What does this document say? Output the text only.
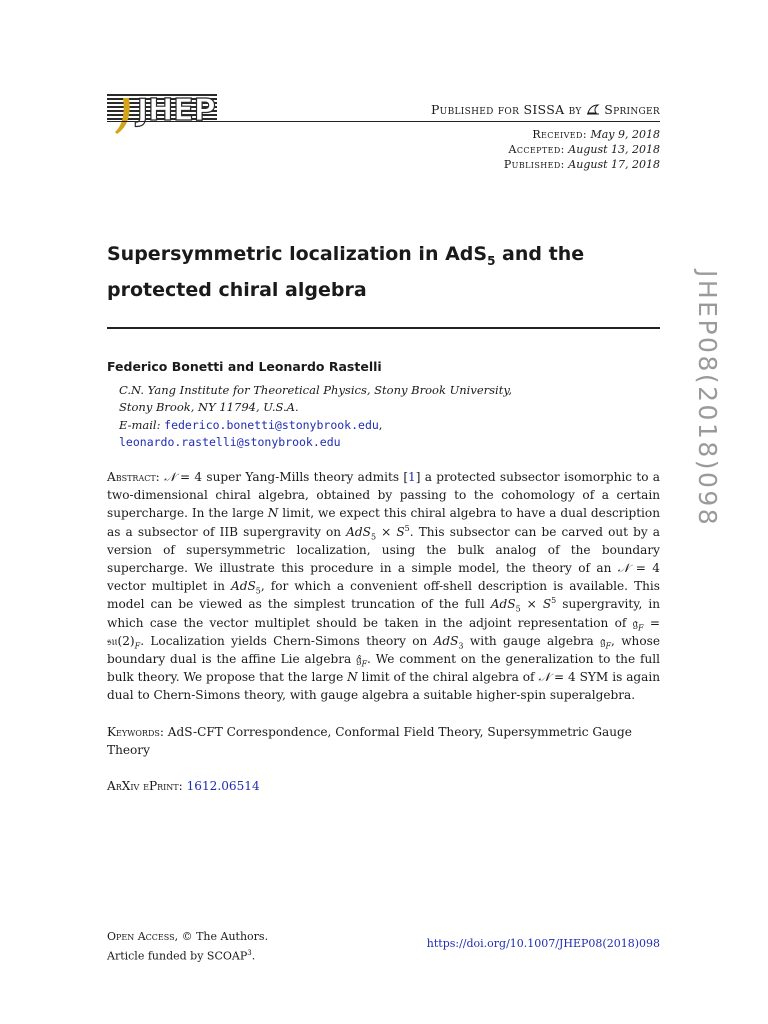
JHEP	Published for SISSA by Springer
Received: May 9, 2018
Accepted: August 13, 2018
Published: August 17, 2018
JHEP08(2018)098
Supersymmetric localization in AdS$_5$ and the
protected chiral algebra
Federico Bonetti and Leonardo Rastelli
C.N. Yang Institute for Theoretical Physics, Stony Brook University,
Stony Brook, NY 11794, U.S.A.
E-mail: federico.bonetti@stonybrook.edu,
leonardo.rastelli@stonybrook.edu
Abstract: 𝒩 = 4 super Yang-Mills theory admits [1] a protected subsector isomorphic to a two-dimensional chiral algebra, obtained by passing to the cohomology of a certain supercharge. In the large N limit, we expect this chiral algebra to have a dual description as a subsector of IIB supergravity on $AdS_5 \times S^5$. This subsector can be carved out by a version of supersymmetric localization, using the bulk analog of the boundary supercharge. We illustrate this procedure in a simple model, the theory of an 𝒩 = 4 vector multiplet in AdS$_5$, for which a convenient off-shell description is available. This model can be viewed as the simplest truncation of the full $AdS_5 \times S^5$ supergravity, in which case the vector multiplet should be taken in the adjoint representation of 𝔤$_F$ = $𝔰𝔲(2)_F$. Localization yields Chern-Simons theory on AdS$_3$ with gauge algebra 𝔤$_F$, whose boundary dual is the affine Lie algebra $𝔤̂_F$. We comment on the generalization to the full bulk theory. We propose that the large N limit of the chiral algebra of 𝒩 = 4 SYM is again dual to Chern-Simons theory, with gauge algebra a suitable higher-spin superalgebra.
Keywords: AdS-CFT Correspondence, Conformal Field Theory, Supersymmetric Gauge Theory
ArXiv ePrint: 1612.06514
Open Access, © The Authors.
Article funded by SCOAP$^3$.
https://doi.org/10.1007/JHEP08(2018)098
